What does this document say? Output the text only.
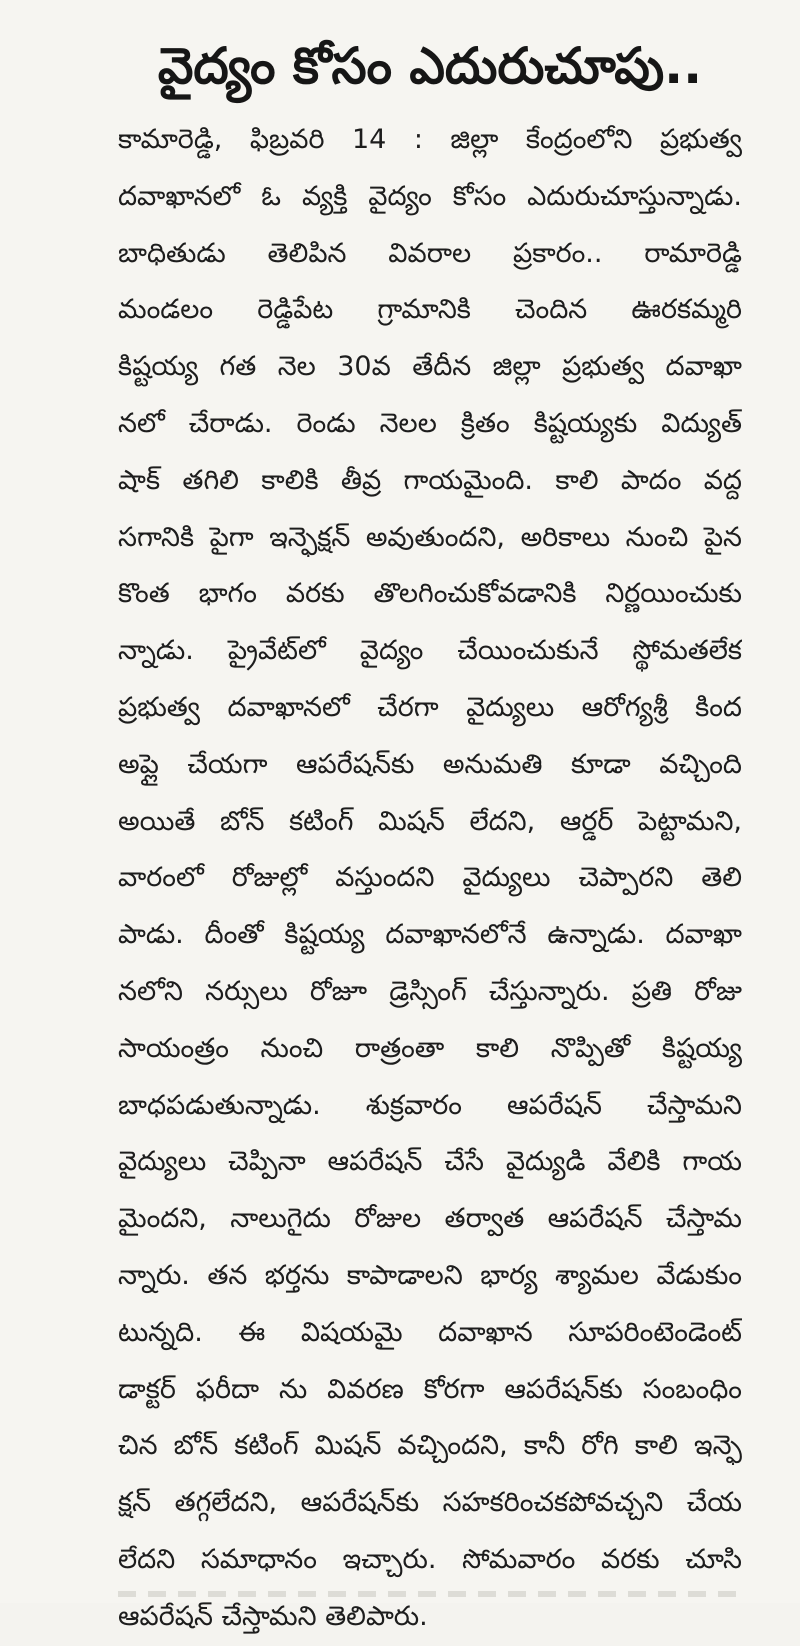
వైద్యం కోసం ఎదురుచూపు..
కామారెడ్డి, ఫిబ్రవరి 14 : జిల్లా కేంద్రంలోని ప్రభుత్వ
దవాఖానలో ఓ వ్యక్తి వైద్యం కోసం ఎదురుచూస్తున్నాడు.
బాధితుడు తెలిపిన వివరాల ప్రకారం.. రామారెడ్డి
మండలం రెడ్డిపేట గ్రామానికి చెందిన ఊరకమ్మరి
కిష్టయ్య గత నెల 30వ తేదీన జిల్లా ప్రభుత్వ దవాఖా
నలో చేరాడు. రెండు నెలల క్రితం కిష్టయ్యకు విద్యుత్
షాక్ తగిలి కాలికి తీవ్ర గాయమైంది. కాలి పాదం వద్ద
సగానికి పైగా ఇన్ఫెక్షన్ అవుతుందని, అరికాలు నుంచి పైన
కొంత భాగం వరకు తొలగించుకోవడానికి నిర్ణయించుకు
న్నాడు. ప్రైవేట్‌లో వైద్యం చేయించుకునే స్థోమతలేక
ప్రభుత్వ దవాఖానలో చేరగా వైద్యులు ఆరోగ్యశ్రీ కింద
అప్లై చేయగా ఆపరేషన్‌కు అనుమతి కూడా వచ్చింది
అయితే బోన్ కటింగ్ మిషన్ లేదని, ఆర్డర్ పెట్టామని,
వారంలో రోజుల్లో వస్తుందని వైద్యులు చెప్పారని తెలి
పాడు. దీంతో కిష్టయ్య దవాఖానలోనే ఉన్నాడు. దవాఖా
నలోని నర్సులు రోజూ డ్రెస్సింగ్ చేస్తున్నారు. ప్రతి రోజు
సాయంత్రం నుంచి రాత్రంతా కాలి నొప్పితో కిష్టయ్య
బాధపడుతున్నాడు. శుక్రవారం ఆపరేషన్ చేస్తామని
వైద్యులు చెప్పినా ఆపరేషన్ చేసే వైద్యుడి వేలికి గాయ
మైందని, నాలుగైదు రోజుల తర్వాత ఆపరేషన్ చేస్తామ
న్నారు. తన భర్తను కాపాడాలని భార్య శ్యామల వేడుకుం
టున్నది. ఈ విషయమై దవాఖాన సూపరింటెండెంట్
డాక్టర్ ఫరీదా ను వివరణ కోరగా ఆపరేషన్‌కు సంబంధిం
చిన బోన్ కటింగ్ మిషన్ వచ్చిందని, కానీ రోగి కాలి ఇన్ఫె
క్షన్ తగ్గలేదని, ఆపరేషన్‌కు సహకరించకపోవచ్చని చేయ
లేదని సమాధానం ఇచ్చారు. సోమవారం వరకు చూసి
ఆపరేషన్ చేస్తామని తెలిపారు.
